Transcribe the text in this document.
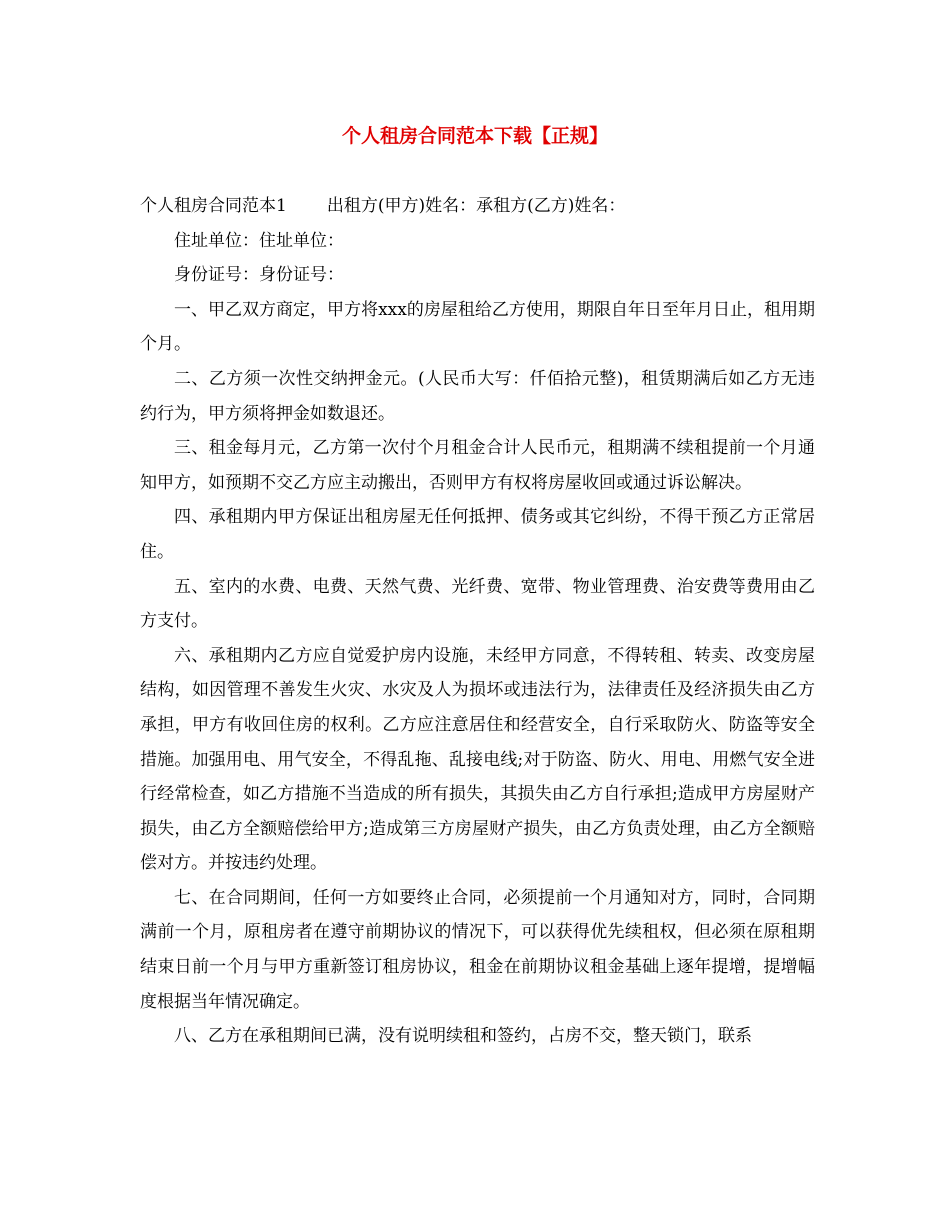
个人租房合同范本下载【正规】

个人租房合同范本1 出租方(甲方)姓名：承租方(乙方)姓名：

住址单位：住址单位：

身份证号：身份证号：

一、甲乙双方商定，甲方将xxx的房屋租给乙方使用，期限自年日至年月日止，租用期个月。

二、乙方须一次性交纳押金元。(人民币大写：仟佰拾元整)，租赁期满后如乙方无违约行为，甲方须将押金如数退还。

三、租金每月元，乙方第一次付个月租金合计人民币元，租期满不续租提前一个月通知甲方，如预期不交乙方应主动搬出，否则甲方有权将房屋收回或通过诉讼解决。

四、承租期内甲方保证出租房屋无任何抵押、债务或其它纠纷，不得干预乙方正常居住。

五、室内的水费、电费、天然气费、光纤费、宽带、物业管理费、治安费等费用由乙方支付。

六、承租期内乙方应自觉爱护房内设施，未经甲方同意，不得转租、转卖、改变房屋结构，如因管理不善发生火灾、水灾及人为损坏或违法行为，法律责任及经济损失由乙方承担，甲方有收回住房的权利。乙方应注意居住和经营安全，自行采取防火、防盗等安全措施。加强用电、用气安全，不得乱拖、乱接电线;对于防盗、防火、用电、用燃气安全进行经常检查，如乙方措施不当造成的所有损失，其损失由乙方自行承担;造成甲方房屋财产损失，由乙方全额赔偿给甲方;造成第三方房屋财产损失，由乙方负责处理，由乙方全额赔偿对方。并按违约处理。

七、在合同期间，任何一方如要终止合同，必须提前一个月通知对方，同时，合同期满前一个月，原租房者在遵守前期协议的情况下，可以获得优先续租权，但必须在原租期结束日前一个月与甲方重新签订租房协议，租金在前期协议租金基础上逐年提增，提增幅度根据当年情况确定。

八、乙方在承租期间已满，没有说明续租和签约，占房不交，整天锁门，联系
